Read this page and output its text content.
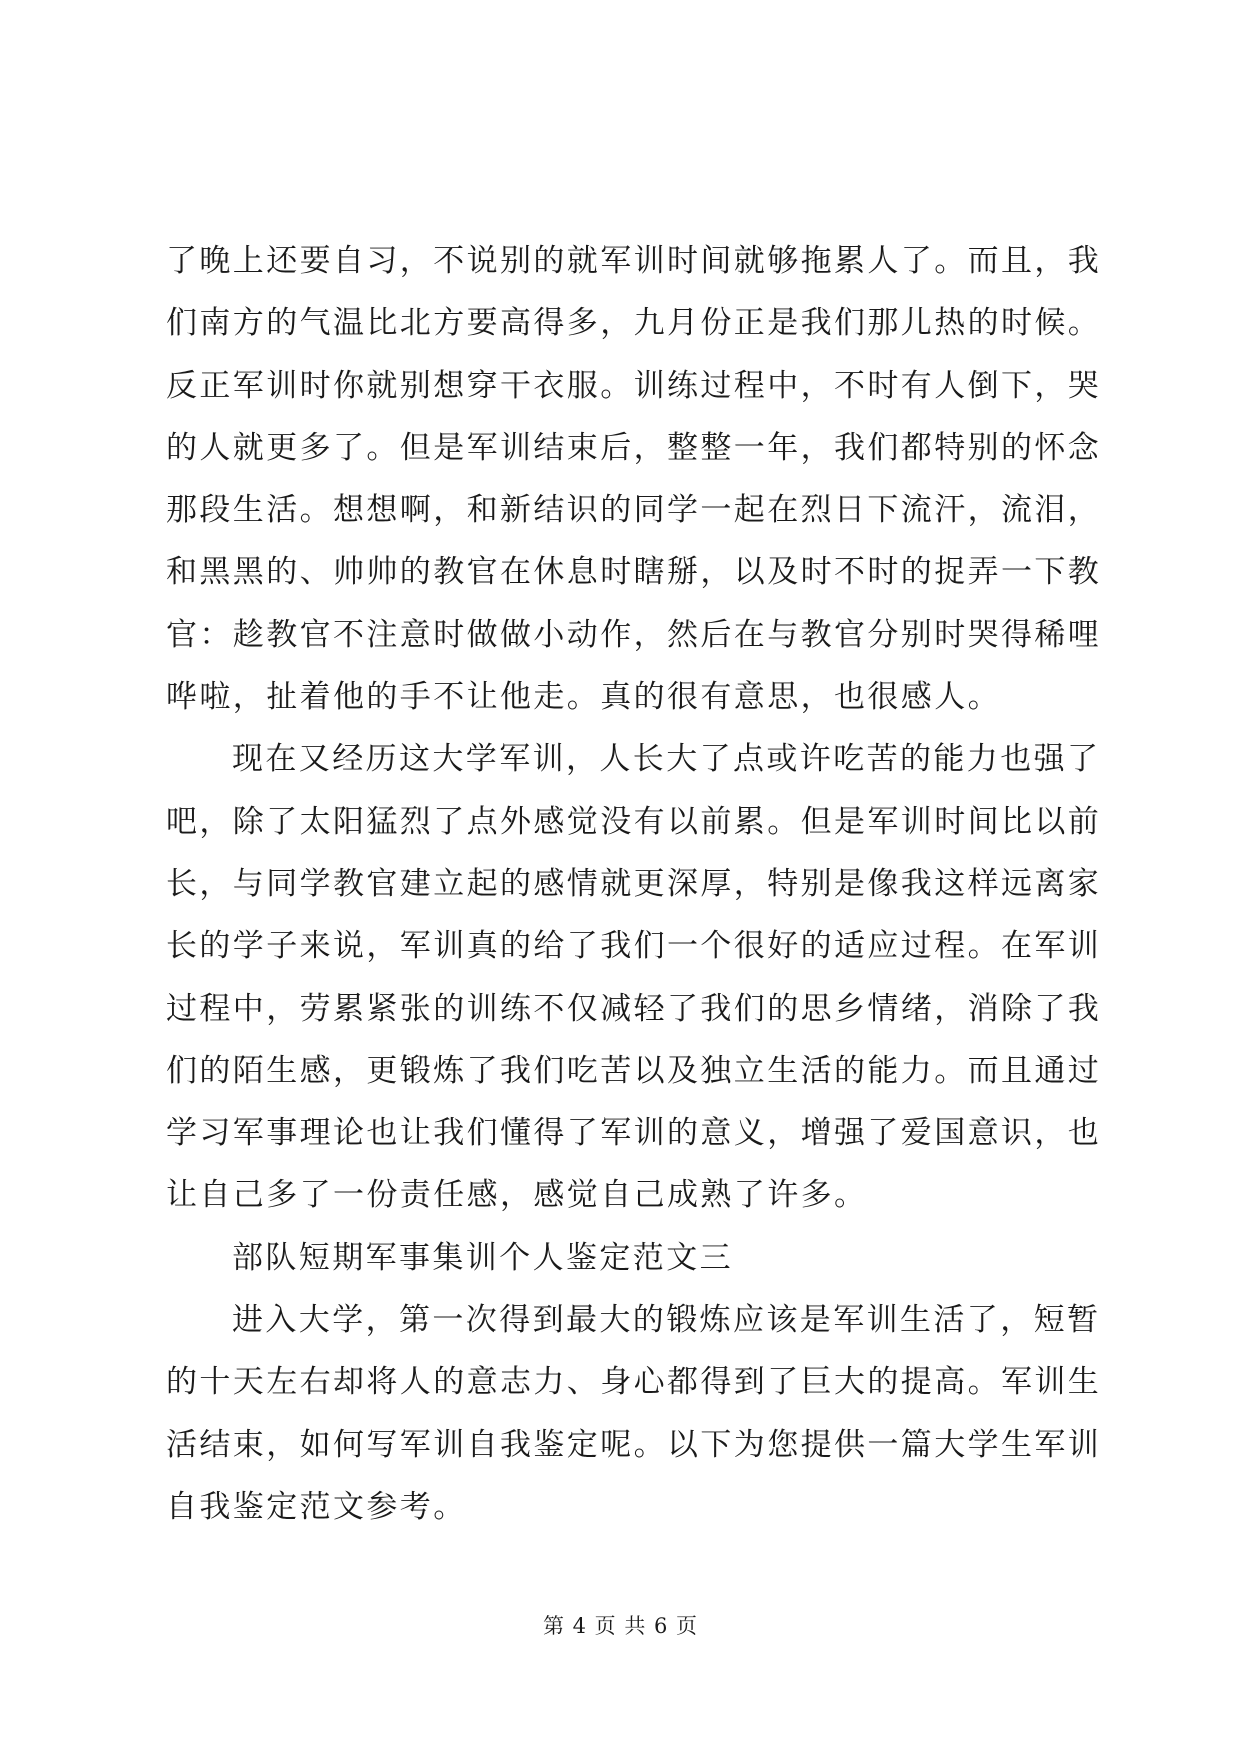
了晚上还要自习，不说别的就军训时间就够拖累人了。而且，我
们南方的气温比北方要高得多，九月份正是我们那儿热的时候。
反正军训时你就别想穿干衣服。训练过程中，不时有人倒下，哭
的人就更多了。但是军训结束后，整整一年，我们都特别的怀念
那段生活。想想啊，和新结识的同学一起在烈日下流汗，流泪，
和黑黑的、帅帅的教官在休息时瞎掰，以及时不时的捉弄一下教
官：趁教官不注意时做做小动作，然后在与教官分别时哭得稀哩
哗啦，扯着他的手不让他走。真的很有意思，也很感人。
现在又经历这大学军训，人长大了点或许吃苦的能力也强了
吧，除了太阳猛烈了点外感觉没有以前累。但是军训时间比以前
长，与同学教官建立起的感情就更深厚，特别是像我这样远离家
长的学子来说，军训真的给了我们一个很好的适应过程。在军训
过程中，劳累紧张的训练不仅减轻了我们的思乡情绪，消除了我
们的陌生感，更锻炼了我们吃苦以及独立生活的能力。而且通过
学习军事理论也让我们懂得了军训的意义，增强了爱国意识，也
让自己多了一份责任感，感觉自己成熟了许多。
部队短期军事集训个人鉴定范文三
进入大学，第一次得到最大的锻炼应该是军训生活了，短暂
的十天左右却将人的意志力、身心都得到了巨大的提高。军训生
活结束，如何写军训自我鉴定呢。以下为您提供一篇大学生军训
自我鉴定范文参考。
第 4 页 共 6 页
